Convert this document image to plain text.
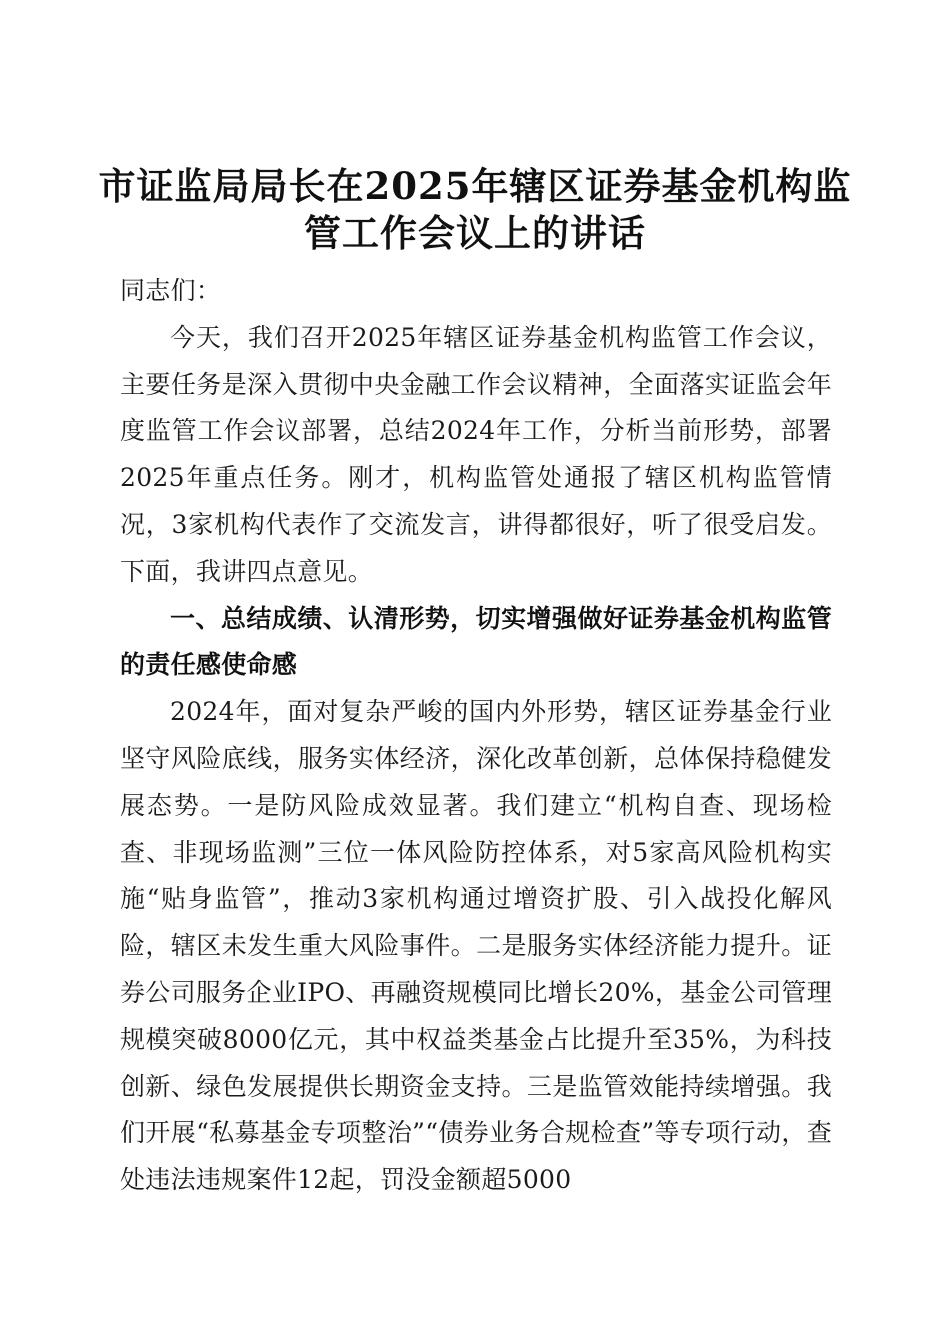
市证监局局长在2025年辖区证券基金机构监
管工作会议上的讲话

同志们：

今天，我们召开2025年辖区证券基金机构监管工作会议，主要任务是深入贯彻中央金融工作会议精神，全面落实证监会年度监管工作会议部署，总结2024年工作，分析当前形势，部署2025年重点任务。刚才，机构监管处通报了辖区机构监管情况，3家机构代表作了交流发言，讲得都很好，听了很受启发。下面，我讲四点意见。

一、总结成绩、认清形势，切实增强做好证券基金机构监管的责任感使命感

2024年，面对复杂严峻的国内外形势，辖区证券基金行业坚守风险底线，服务实体经济，深化改革创新，总体保持稳健发展态势。一是防风险成效显著。我们建立“机构自查、现场检查、非现场监测”三位一体风险防控体系，对5家高风险机构实施“贴身监管”，推动3家机构通过增资扩股、引入战投化解风险，辖区未发生重大风险事件。二是服务实体经济能力提升。证券公司服务企业IPO、再融资规模同比增长20%，基金公司管理规模突破8000亿元，其中权益类基金占比提升至35%，为科技创新、绿色发展提供长期资金支持。三是监管效能持续增强。我们开展“私募基金专项整治”“债券业务合规检查”等专项行动，查处违法违规案件12起，罚没金额超5000
